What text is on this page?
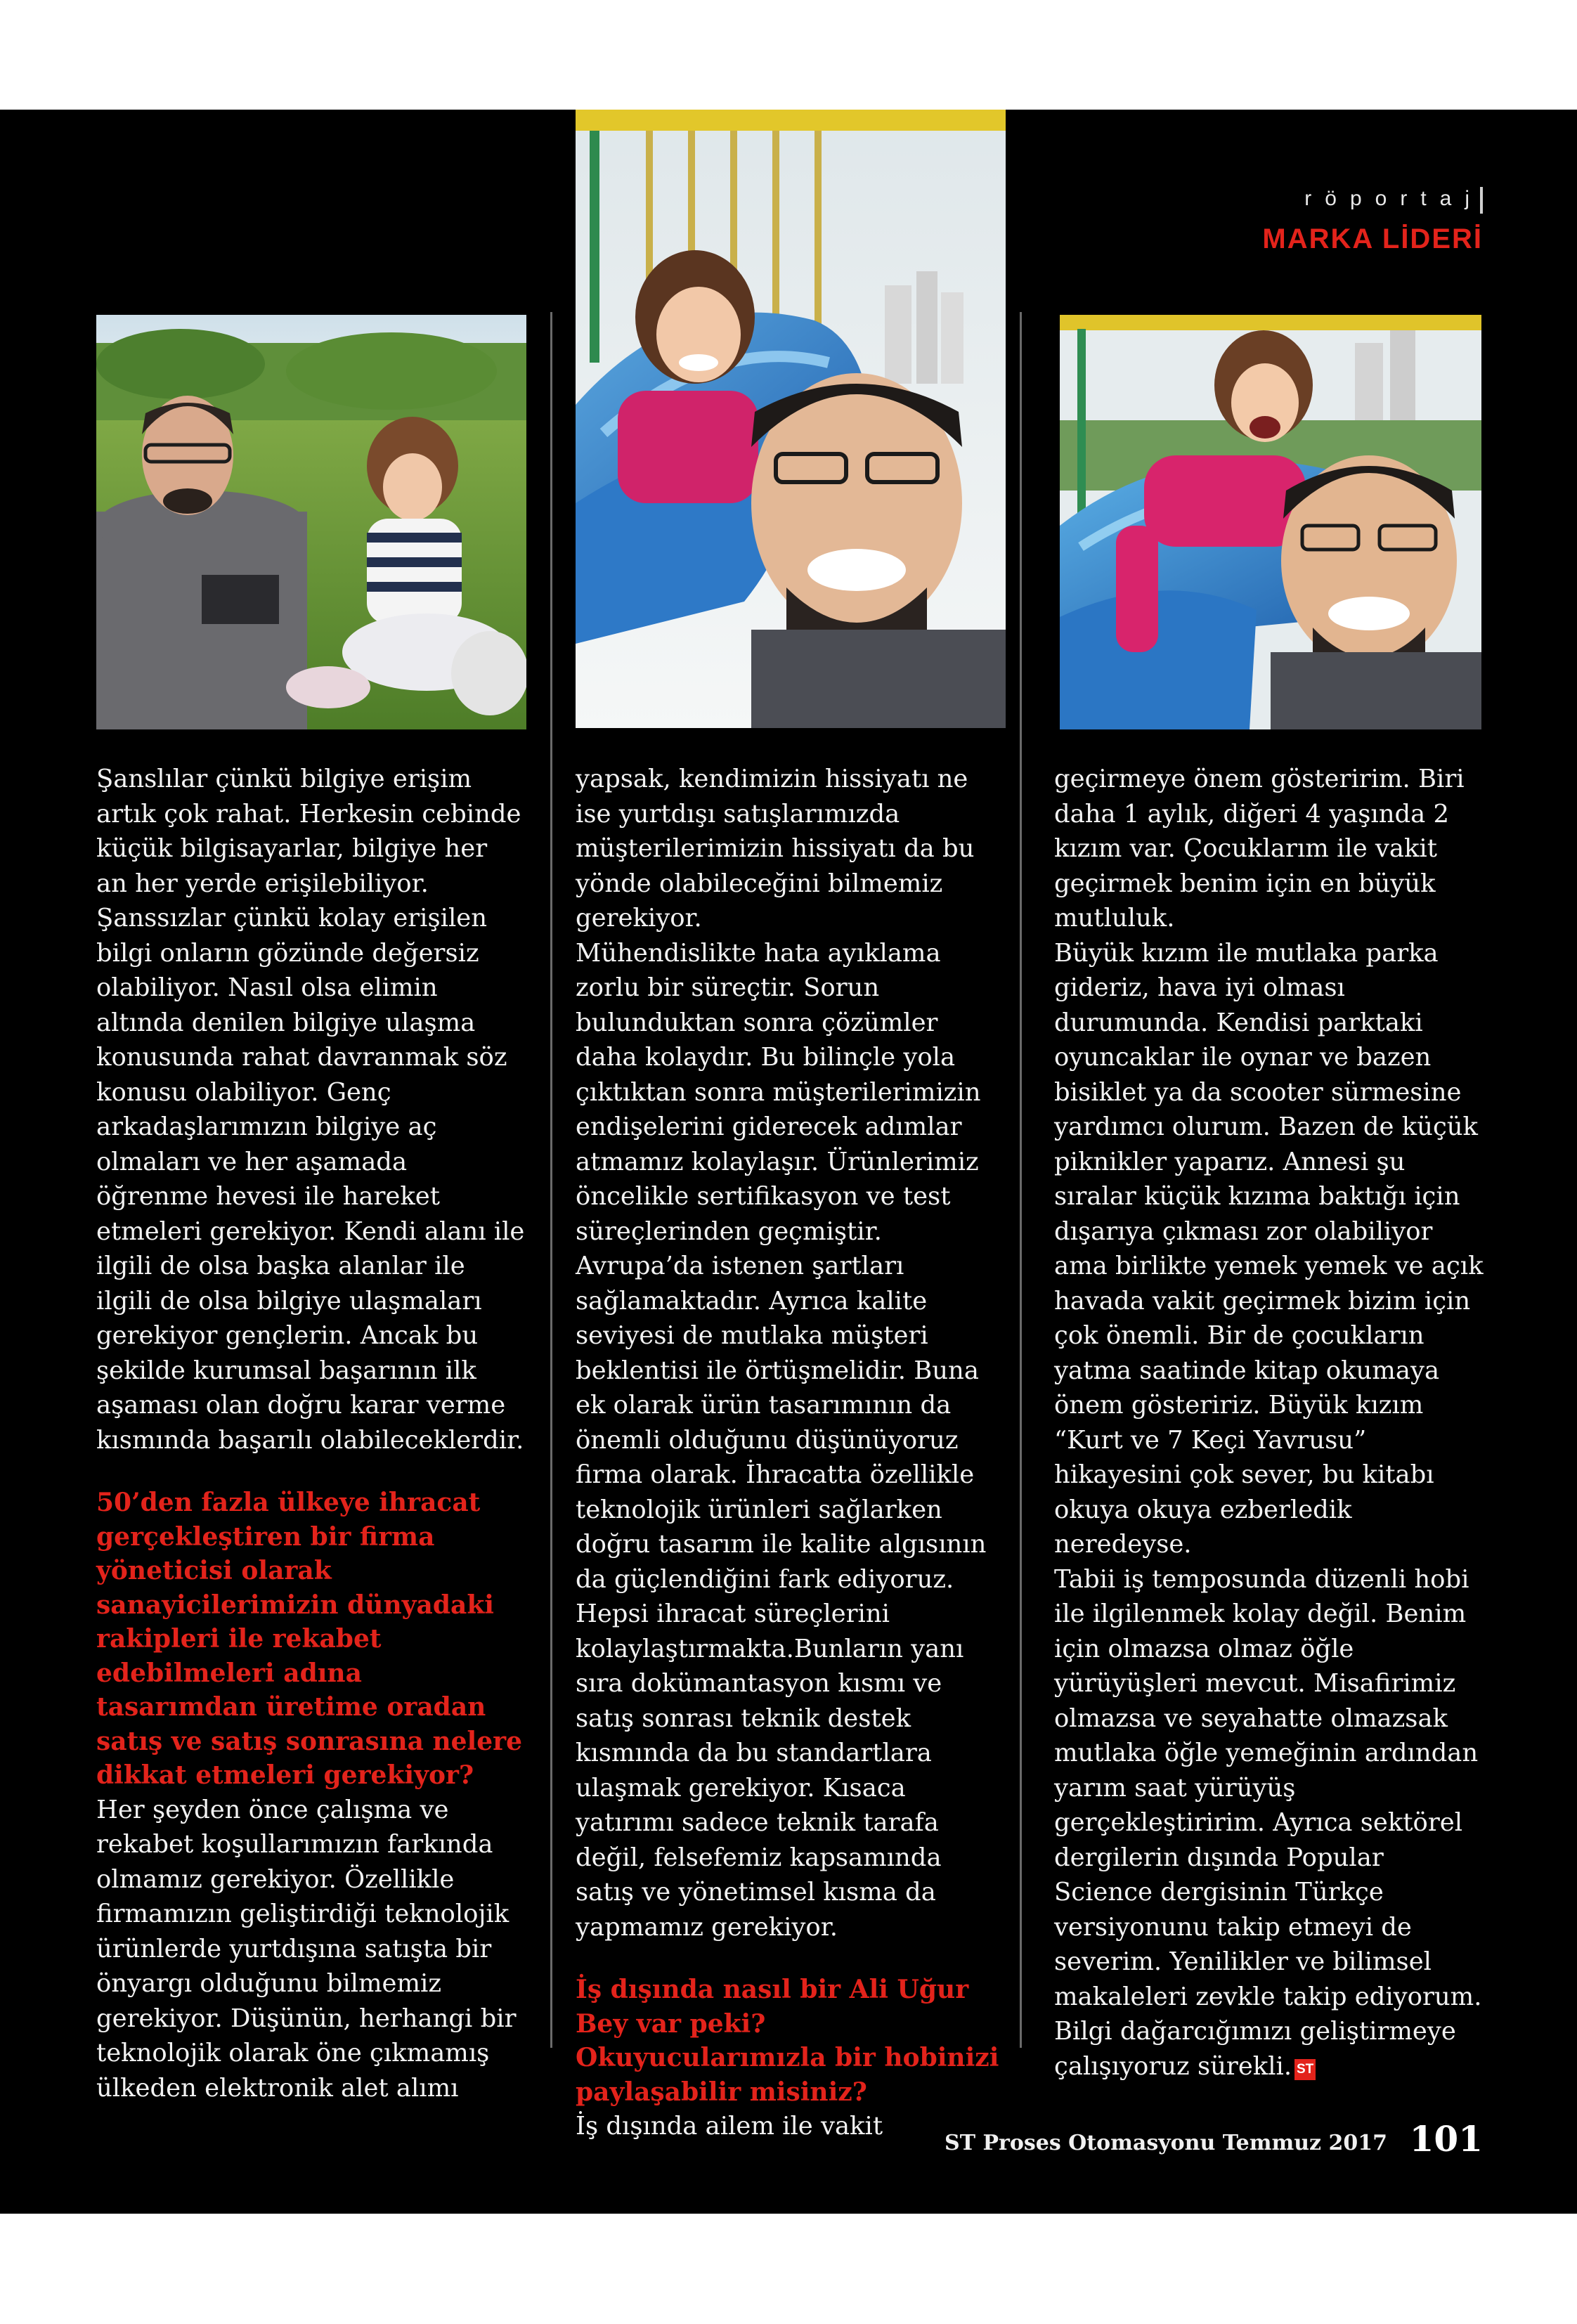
röportaj
MARKA LİDERİ

Şanslılar çünkü bilgiye erişim artık çok rahat. Herkesin cebinde küçük bilgisayarlar, bilgiye her an her yerde erişilebiliyor. Şanssızlar çünkü kolay erişilen bilgi onların gözünde değersiz olabiliyor. Nasıl olsa elimin altında denilen bilgiye ulaşma konusunda rahat davranmak söz konusu olabiliyor. Genç arkadaşlarımızın bilgiye aç olmaları ve her aşamada öğrenme hevesi ile hareket etmeleri gerekiyor. Kendi alanı ile ilgili de olsa başka alanlar ile ilgili de olsa bilgiye ulaşmaları gerekiyor gençlerin. Ancak bu şekilde kurumsal başarının ilk aşaması olan doğru karar verme kısmında başarılı olabileceklerdir.

50’den fazla ülkeye ihracat gerçekleştiren bir firma yöneticisi olarak sanayicilerimizin dünyadaki rakipleri ile rekabet edebilmeleri adına tasarımdan üretime oradan satış ve satış sonrasına nelere dikkat etmeleri gerekiyor?

Her şeyden önce çalışma ve rekabet koşullarımızın farkında olmamız gerekiyor. Özellikle firmamızın geliştirdiği teknolojik ürünlerde yurtdışına satışta bir önyargı olduğunu bilmemiz gerekiyor. Düşünün, herhangi bir teknolojik olarak öne çıkmamış ülkeden elektronik alet alımı

yapsak, kendimizin hissiyatı ne ise yurtdışı satışlarımızda müşterilerimizin hissiyatı da bu yönde olabileceğini bilmemiz gerekiyor.

Mühendislikte hata ayıklama zorlu bir süreçtir. Sorun bulunduktan sonra çözümler daha kolaydır. Bu bilinçle yola çıktıktan sonra müşterilerimizin endişelerini giderecek adımlar atmamız kolaylaşır. Ürünlerimiz öncelikle sertifikasyon ve test süreçlerinden geçmiştir. Avrupa’da istenen şartları sağlamaktadır. Ayrıca kalite seviyesi de mutlaka müşteri beklentisi ile örtüşmelidir. Buna ek olarak ürün tasarımının da önemli olduğunu düşünüyoruz firma olarak. İhracatta özellikle teknolojik ürünleri sağlarken doğru tasarım ile kalite algısının da güçlendiğini fark ediyoruz. Hepsi ihracat süreçlerini kolaylaştırmakta.Bunların yanı sıra dokümantasyon kısmı ve satış sonrası teknik destek kısmında da bu standartlara ulaşmak gerekiyor. Kısaca yatırımı sadece teknik tarafa değil, felsefemiz kapsamında satış ve yönetimsel kısma da yapmamız gerekiyor.

İş dışında nasıl bir Ali Uğur Bey var peki? Okuyucularımızla bir hobinizi paylaşabilir misiniz?

İş dışında ailem ile vakit

geçirmeye önem gösteririm. Biri daha 1 aylık, diğeri 4 yaşında 2 kızım var. Çocuklarım ile vakit geçirmek benim için en büyük mutluluk.

Büyük kızım ile mutlaka parka gideriz, hava iyi olması durumunda. Kendisi parktaki oyuncaklar ile oynar ve bazen bisiklet ya da scooter sürmesine yardımcı olurum. Bazen de küçük piknikler yaparız. Annesi şu sıralar küçük kızıma baktığı için dışarıya çıkması zor olabiliyor ama birlikte yemek yemek ve açık havada vakit geçirmek bizim için çok önemli. Bir de çocukların yatma saatinde kitap okumaya önem gösteririz. Büyük kızım “Kurt ve 7 Keçi Yavrusu” hikayesini çok sever, bu kitabı okuya okuya ezberledik neredeyse.

Tabii iş temposunda düzenli hobi ile ilgilenmek kolay değil. Benim için olmazsa olmaz öğle yürüyüşleri mevcut. Misafirimiz olmazsa ve seyahatte olmazsak mutlaka öğle yemeğinin ardından yarım saat yürüyüş gerçekleştiririm. Ayrıca sektörel dergilerin dışında Popular Science dergisinin Türkçe versiyonunu takip etmeyi de severim. Yenilikler ve bilimsel makaleleri zevkle takip ediyorum. Bilgi dağarcığımızı geliştirmeye çalışıyoruz sürekli. ST

ST Proses Otomasyonu Temmuz 2017 101
